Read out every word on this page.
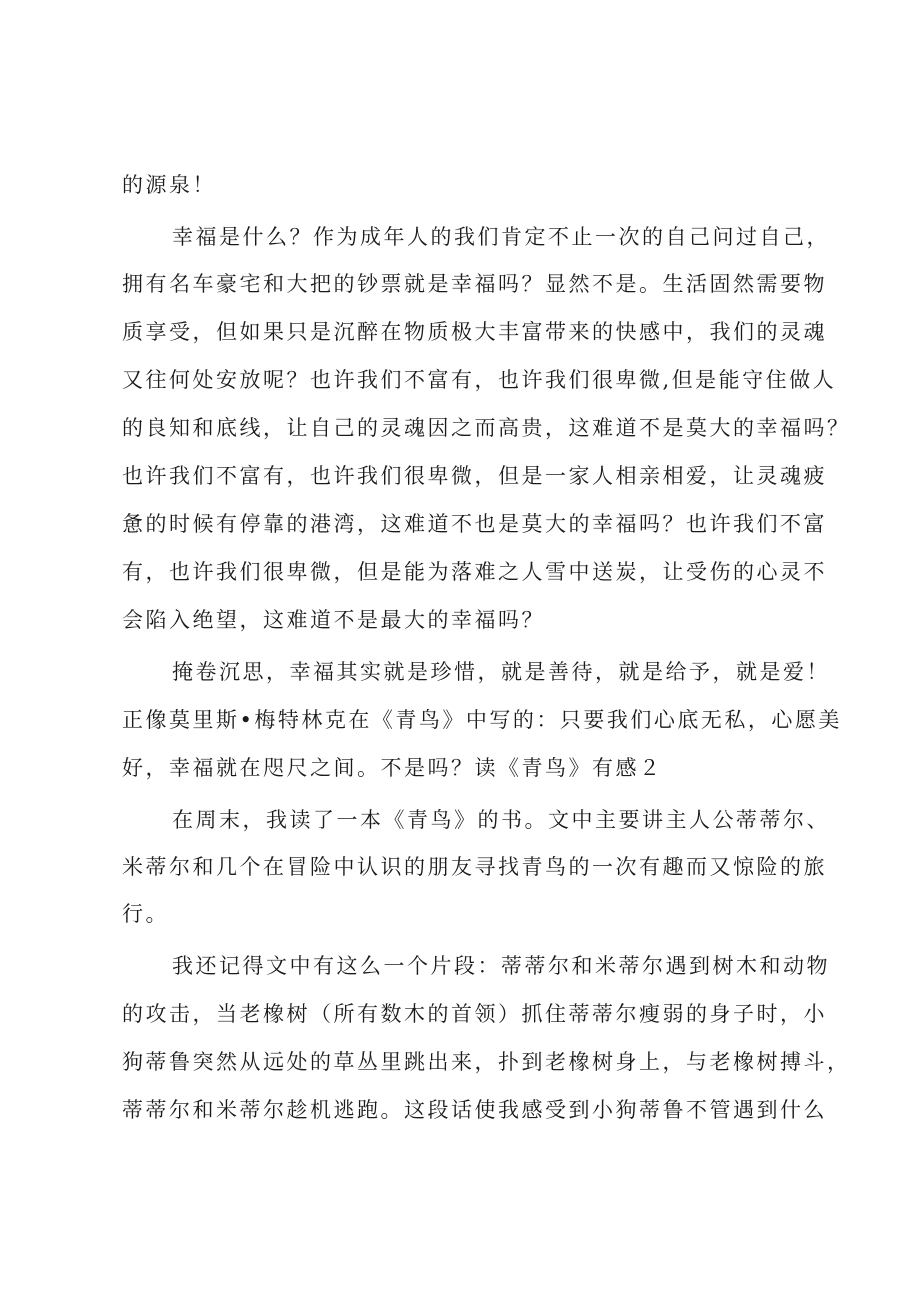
的源泉！
幸福是什么？作为成年人的我们肯定不止一次的自己问过自己，
拥有名车豪宅和大把的钞票就是幸福吗？显然不是。生活固然需要物
质享受，但如果只是沉醉在物质极大丰富带来的快感中，我们的灵魂
又往何处安放呢？也许我们不富有，也许我们很卑微,但是能守住做人
的良知和底线，让自己的灵魂因之而高贵，这难道不是莫大的幸福吗？
也许我们不富有，也许我们很卑微，但是一家人相亲相爱，让灵魂疲
惫的时候有停靠的港湾，这难道不也是莫大的幸福吗？也许我们不富
有，也许我们很卑微，但是能为落难之人雪中送炭，让受伤的心灵不
会陷入绝望，这难道不是最大的幸福吗？
掩卷沉思，幸福其实就是珍惜，就是善待，就是给予，就是爱！
正像莫里斯•梅特林克在《青鸟》中写的：只要我们心底无私，心愿美
好，幸福就在咫尺之间。不是吗？读《青鸟》有感２
在周末，我读了一本《青鸟》的书。文中主要讲主人公蒂蒂尔、
米蒂尔和几个在冒险中认识的朋友寻找青鸟的一次有趣而又惊险的旅
行。
我还记得文中有这么一个片段：蒂蒂尔和米蒂尔遇到树木和动物
的攻击，当老橡树（所有数木的首领）抓住蒂蒂尔瘦弱的身子时，小
狗蒂鲁突然从远处的草丛里跳出来，扑到老橡树身上，与老橡树搏斗，
蒂蒂尔和米蒂尔趁机逃跑。这段话使我感受到小狗蒂鲁不管遇到什么
